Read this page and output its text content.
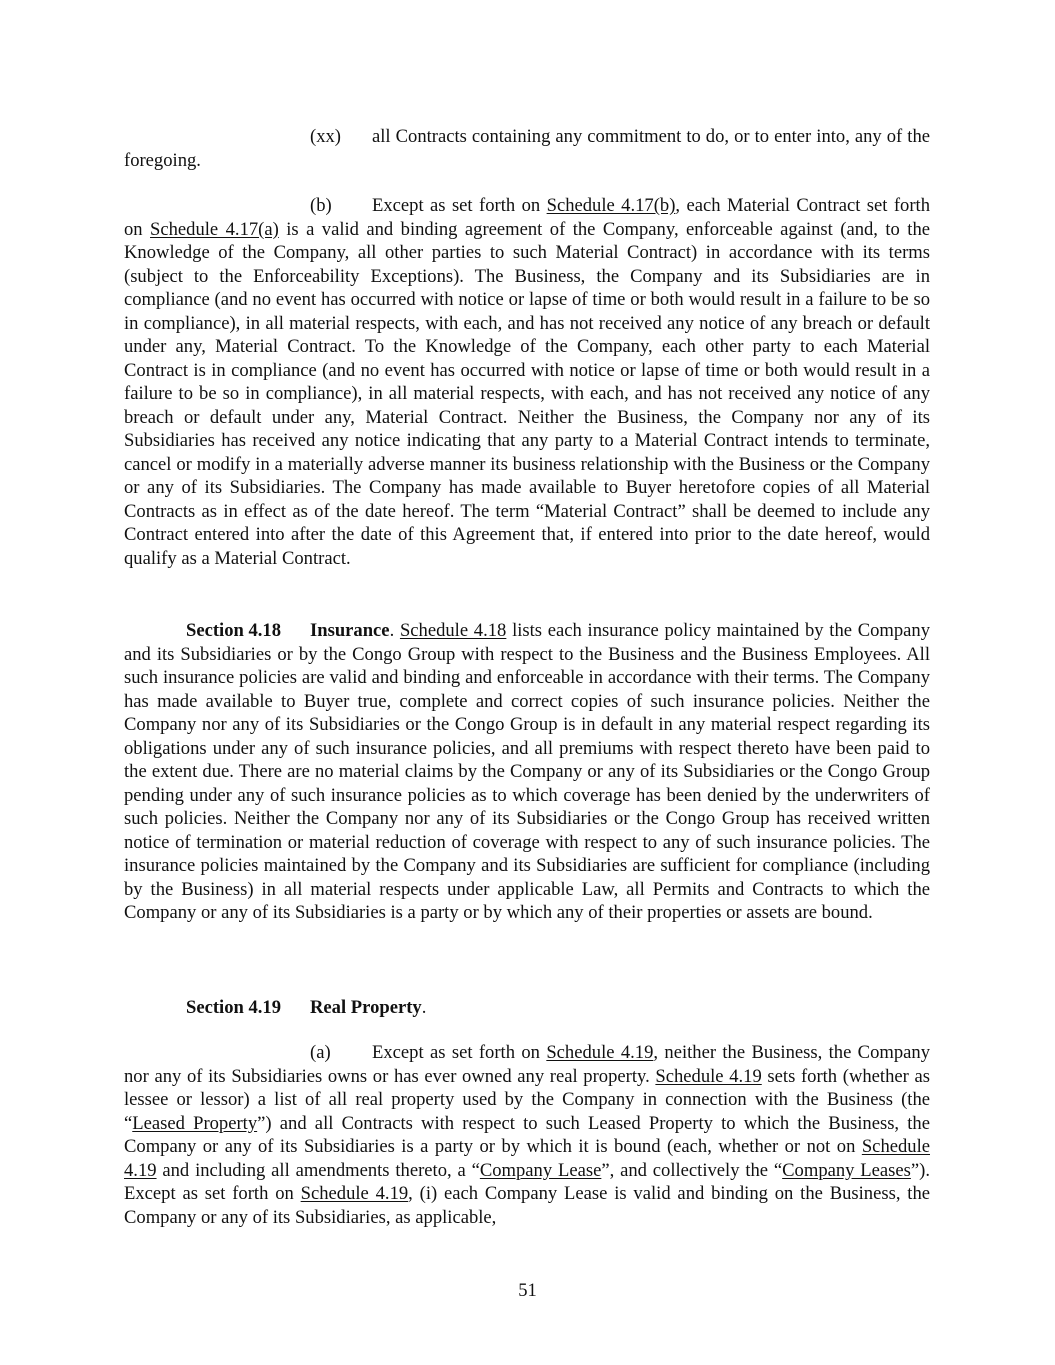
(xx) all Contracts containing any commitment to do, or to enter into, any of the foregoing.

(b) Except as set forth on Schedule 4.17(b), each Material Contract set forth on Schedule 4.17(a) is a valid and binding agreement of the Company, enforceable against (and, to the Knowledge of the Company, all other parties to such Material Contract) in accordance with its terms (subject to the Enforceability Exceptions). The Business, the Company and its Subsidiaries are in compliance (and no event has occurred with notice or lapse of time or both would result in a failure to be so in compliance), in all material respects, with each, and has not received any notice of any breach or default under any, Material Contract. To the Knowledge of the Company, each other party to each Material Contract is in compliance (and no event has occurred with notice or lapse of time or both would result in a failure to be so in compliance), in all material respects, with each, and has not received any notice of any breach or default under any, Material Contract. Neither the Business, the Company nor any of its Subsidiaries has received any notice indicating that any party to a Material Contract intends to terminate, cancel or modify in a materially adverse manner its business relationship with the Business or the Company or any of its Subsidiaries. The Company has made available to Buyer heretofore copies of all Material Contracts as in effect as of the date hereof. The term “Material Contract” shall be deemed to include any Contract entered into after the date of this Agreement that, if entered into prior to the date hereof, would qualify as a Material Contract.

Section 4.18 Insurance. Schedule 4.18 lists each insurance policy maintained by the Company and its Subsidiaries or by the Congo Group with respect to the Business and the Business Employees. All such insurance policies are valid and binding and enforceable in accordance with their terms. The Company has made available to Buyer true, complete and correct copies of such insurance policies. Neither the Company nor any of its Subsidiaries or the Congo Group is in default in any material respect regarding its obligations under any of such insurance policies, and all premiums with respect thereto have been paid to the extent due. There are no material claims by the Company or any of its Subsidiaries or the Congo Group pending under any of such insurance policies as to which coverage has been denied by the underwriters of such policies. Neither the Company nor any of its Subsidiaries or the Congo Group has received written notice of termination or material reduction of coverage with respect to any of such insurance policies. The insurance policies maintained by the Company and its Subsidiaries are sufficient for compliance (including by the Business) in all material respects under applicable Law, all Permits and Contracts to which the Company or any of its Subsidiaries is a party or by which any of their properties or assets are bound.

Section 4.19 Real Property.

(a) Except as set forth on Schedule 4.19, neither the Business, the Company nor any of its Subsidiaries owns or has ever owned any real property. Schedule 4.19 sets forth (whether as lessee or lessor) a list of all real property used by the Company in connection with the Business (the “Leased Property”) and all Contracts with respect to such Leased Property to which the Business, the Company or any of its Subsidiaries is a party or by which it is bound (each, whether or not on Schedule 4.19 and including all amendments thereto, a “Company Lease”, and collectively the “Company Leases”). Except as set forth on Schedule 4.19, (i) each Company Lease is valid and binding on the Business, the Company or any of its Subsidiaries, as applicable,

51
